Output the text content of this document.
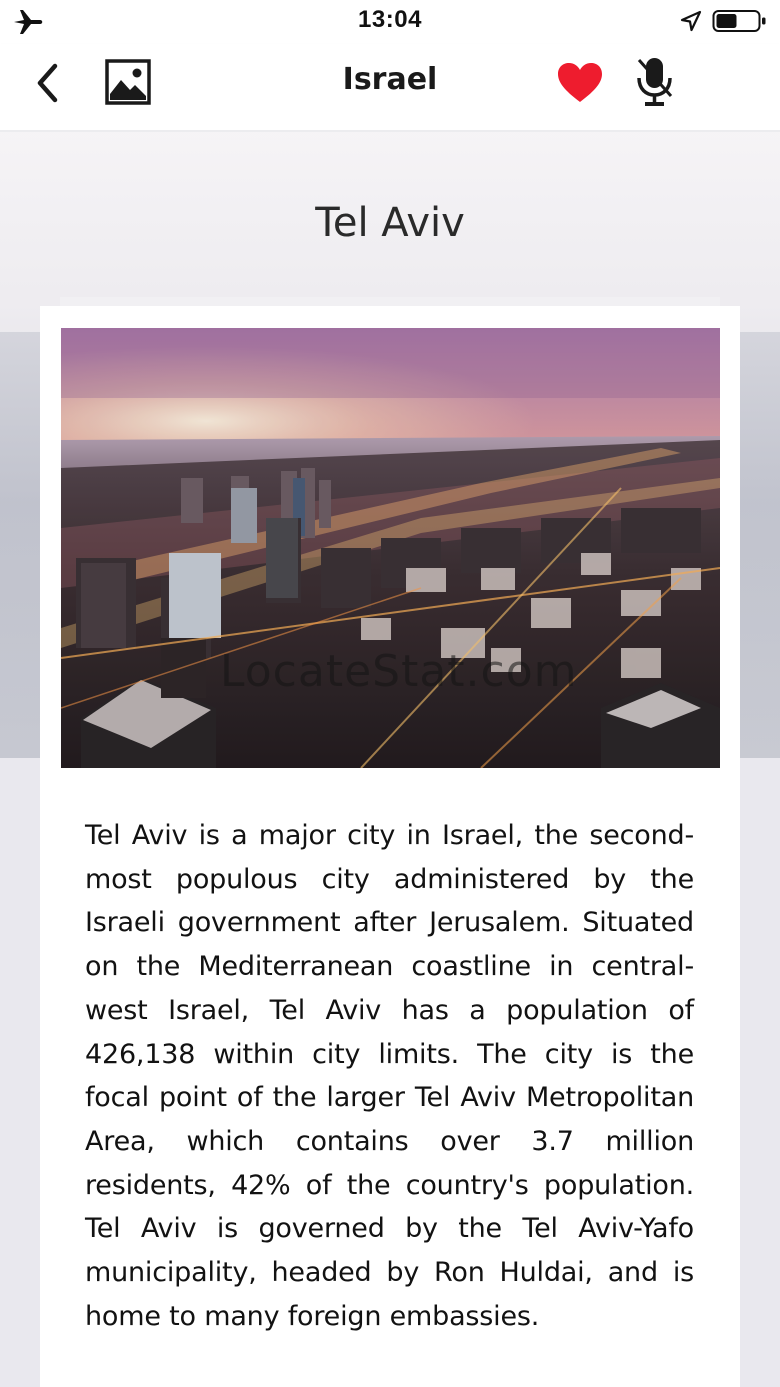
13:04
Israel
Tel Aviv
LocateStat.com
Tel Aviv is a major city in Israel, the second-most populous city administered by the Israeli government after Jerusalem. Situated on the Mediterranean coastline in central-west Israel, Tel Aviv has a population of 426,138 within city limits. The city is the focal point of the larger Tel Aviv Metropolitan Area, which contains over 3.7 million residents, 42% of the country's population. Tel Aviv is governed by the Tel Aviv-Yafo municipality, headed by Ron Huldai, and is home to many foreign embassies.
